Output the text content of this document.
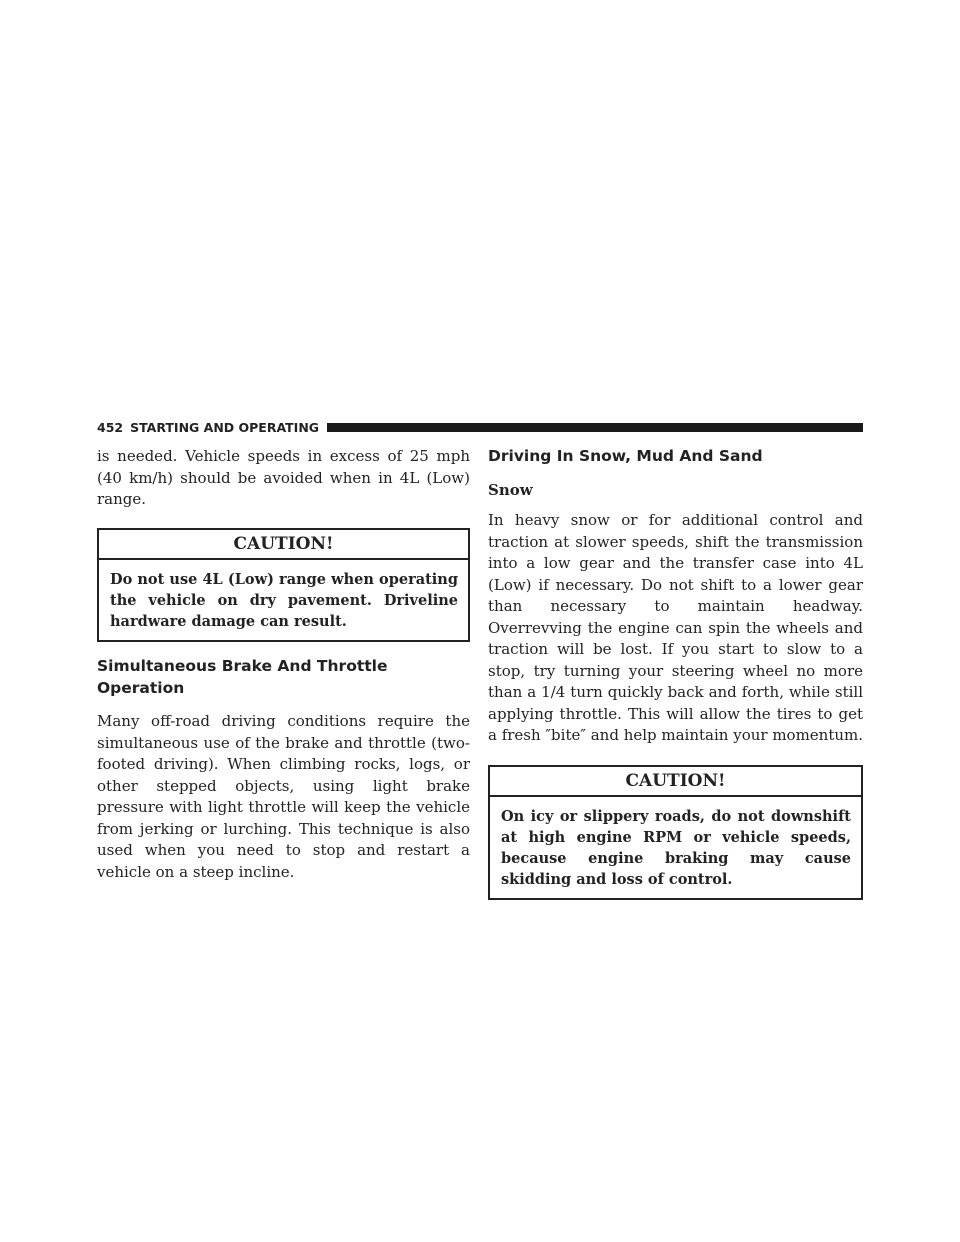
452 STARTING AND OPERATING

is needed. Vehicle speeds in excess of 25 mph (40 km/h) should be avoided when in 4L (Low) range.

CAUTION!
Do not use 4L (Low) range when operating the vehicle on dry pavement. Driveline hardware damage can result.
Simultaneous Brake And Throttle Operation

Many off-road driving conditions require the simultaneous use of the brake and throttle (two-footed driving). When climbing rocks, logs, or other stepped objects, using light brake pressure with light throttle will keep the vehicle from jerking or lurching. This technique is also used when you need to stop and restart a vehicle on a steep incline.

Driving In Snow, Mud And Sand
Snow

In heavy snow or for additional control and traction at slower speeds, shift the transmission into a low gear and the transfer case into 4L (Low) if necessary. Do not shift to a lower gear than necessary to maintain headway. Overrevving the engine can spin the wheels and traction will be lost. If you start to slow to a stop, try turning your steering wheel no more than a 1/4 turn quickly back and forth, while still applying throttle. This will allow the tires to get a fresh ″bite″ and help maintain your momentum.

CAUTION!
On icy or slippery roads, do not downshift at high engine RPM or vehicle speeds, because engine braking may cause skidding and loss of control.
